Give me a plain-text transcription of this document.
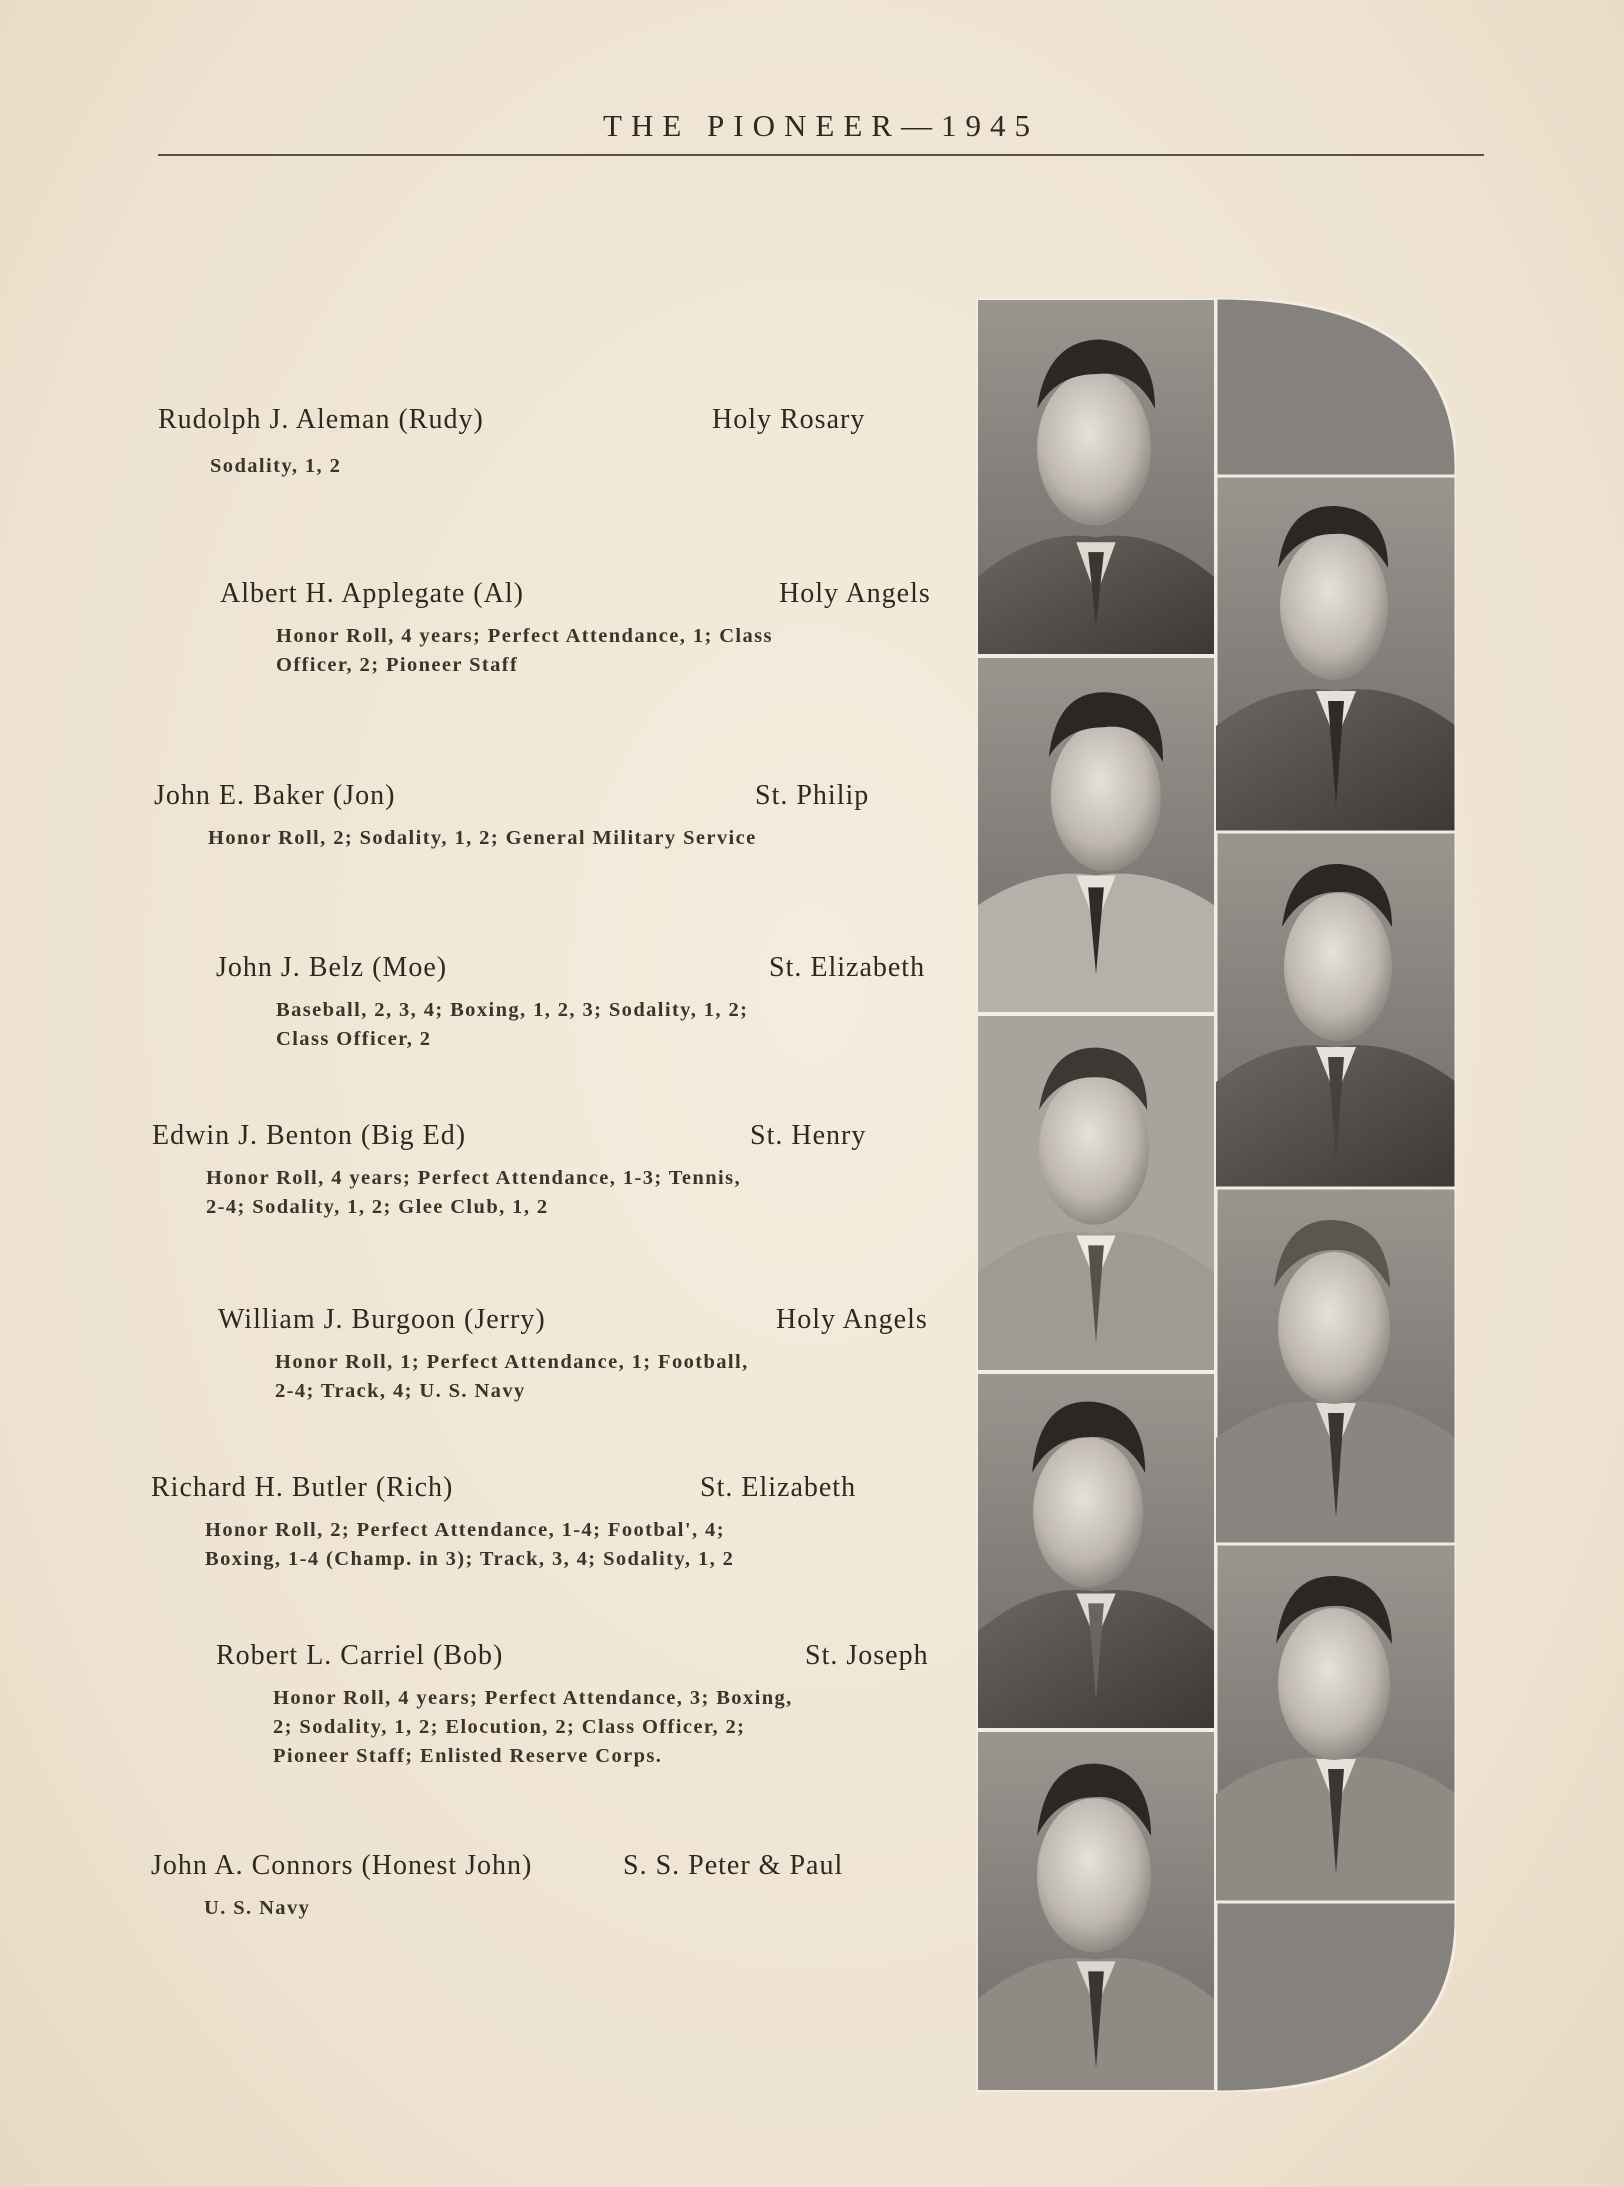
THE PIONEER—1945
Rudolph J. Aleman (Rudy)	Holy Rosary
Sodality, 1, 2
Albert H. Applegate (Al)	Holy Angels
Honor Roll, 4 years; Perfect Attendance, 1; Class
Officer, 2; Pioneer Staff
John E. Baker (Jon)	St. Philip
Honor Roll, 2; Sodality, 1, 2; General Military Service
John J. Belz (Moe)	St. Elizabeth
Baseball, 2, 3, 4; Boxing, 1, 2, 3; Sodality, 1, 2;
Class Officer, 2
Edwin J. Benton (Big Ed)	St. Henry
Honor Roll, 4 years; Perfect Attendance, 1-3; Tennis,
2-4; Sodality, 1, 2; Glee Club, 1, 2
William J. Burgoon (Jerry)	Holy Angels
Honor Roll, 1; Perfect Attendance, 1; Football,
2-4; Track, 4; U. S. Navy
Richard H. Butler (Rich)	St. Elizabeth
Honor Roll, 2; Perfect Attendance, 1-4; Footbal', 4;
Boxing, 1-4 (Champ. in 3); Track, 3, 4; Sodality, 1, 2
Robert L. Carriel (Bob)	St. Joseph
Honor Roll, 4 years; Perfect Attendance, 3; Boxing,
2; Sodality, 1, 2; Elocution, 2; Class Officer, 2;
Pioneer Staff; Enlisted Reserve Corps.
John A. Connors (Honest John)	S. S. Peter & Paul
U. S. Navy
